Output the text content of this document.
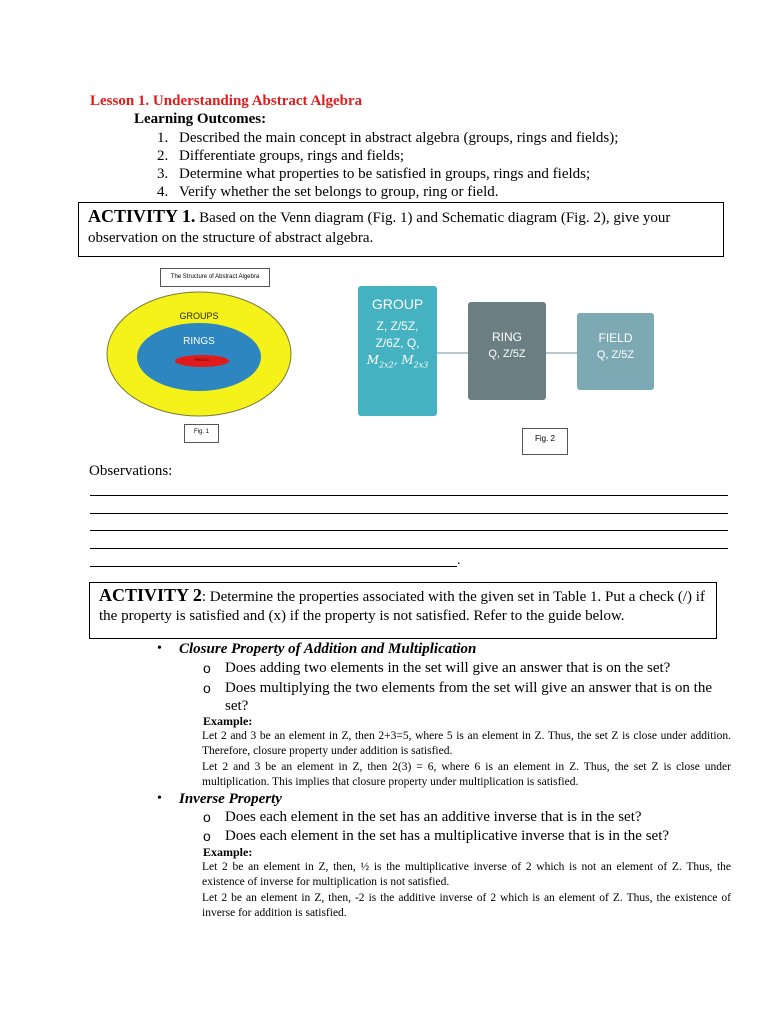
Lesson 1. Understanding Abstract Algebra
Learning Outcomes:
1. Described the main concept in abstract algebra (groups, rings and fields);
2. Differentiate groups, rings and fields;
3. Determine what properties to be satisfied in groups, rings and fields;
4. Verify whether the set belongs to group, ring or field.
ACTIVITY 1. Based on the Venn diagram (Fig. 1) and Schematic diagram (Fig. 2), give your observation on the structure of abstract algebra.
The Structure of Abstract Algebra
GROUPS
RINGS
FIELDS
Fig. 1
GROUP
Z, Z/5Z,
Z/6Z, Q,
$M_{2x2}$, $M_{2x3}$
RING
Q, Z/5Z
FIELD
Q, Z/5Z
Fig. 2
Observations:
.
ACTIVITY 2: Determine the properties associated with the given set in Table 1. Put a check (/) if the property is satisfied and (x) if the property is not satisfied. Refer to the guide below.
• Closure Property of Addition and Multiplication
o Does adding two elements in the set will give an answer that is on the set?
o Does multiplying the two elements from the set will give an answer that is on the set?
Example:
Let 2 and 3 be an element in Z, then 2+3=5, where 5 is an element in Z. Thus, the set Z is close under addition. Therefore, closure property under addition is satisfied.
Let 2 and 3 be an element in Z, then 2(3) = 6, where 6 is an element in Z. Thus, the set Z is close under multiplication. This implies that closure property under multiplication is satisfied.
• Inverse Property
o Does each element in the set has an additive inverse that is in the set?
o Does each element in the set has a multiplicative inverse that is in the set?
Example:
Let 2 be an element in Z, then, ½ is the multiplicative inverse of 2 which is not an element of Z. Thus, the existence of inverse for multiplication is not satisfied.
Let 2 be an element in Z, then, -2 is the additive inverse of 2 which is an element of Z. Thus, the existence of inverse for addition is satisfied.
